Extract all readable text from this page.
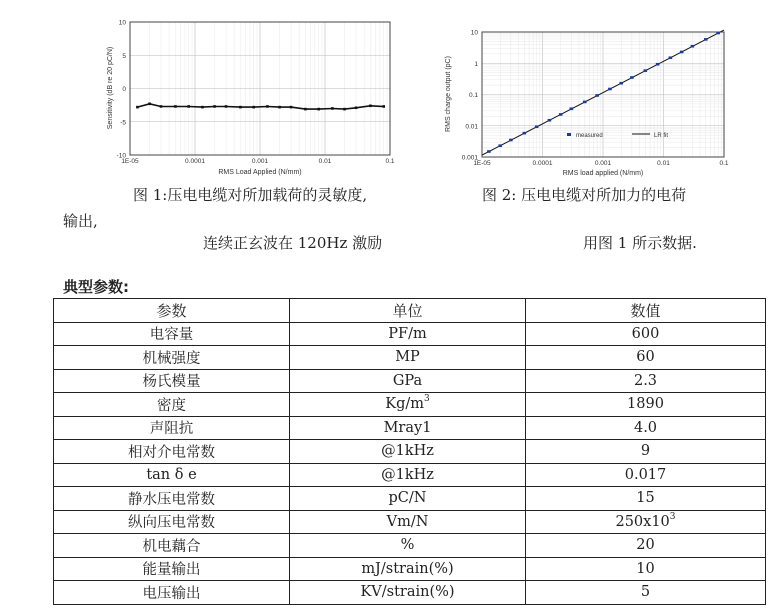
10
5
0
-5
-10
1E-05	0.0001	0.001	0.01	0.1
RMS Load Applied (N/mm)
Sensitivity (dB re 20 pC/N)
10
1
0.1
0.01
0.001
1E-05	0.0001	0.001	0.01	0.1
measured	LR fit
RMS load applied (N/mm)
RMS charge output (pC)
图 1:压电电缆对所加载荷的灵敏度,
输出,
连续正玄波在 120Hz 激励
图 2: 压电电缆对所加力的电荷
用图 1 所示数据.
典型参数:
参数	单位	数值
电容量	PF/m	600
机械强度	MP	60
杨氏模量	GPa	2.3
密度	$Kg/m^3$	1890
声阻抗	Mray1	4.0
相对介电常数	@1kHz	9
tan δ e	@1kHz	0.017
静水压电常数	pC/N	15
纵向压电常数	Vm/N	$250x10^3$
机电藕合	%	20
能量输出	mJ/strain(%)	10
电压输出	KV/strain(%)	5
